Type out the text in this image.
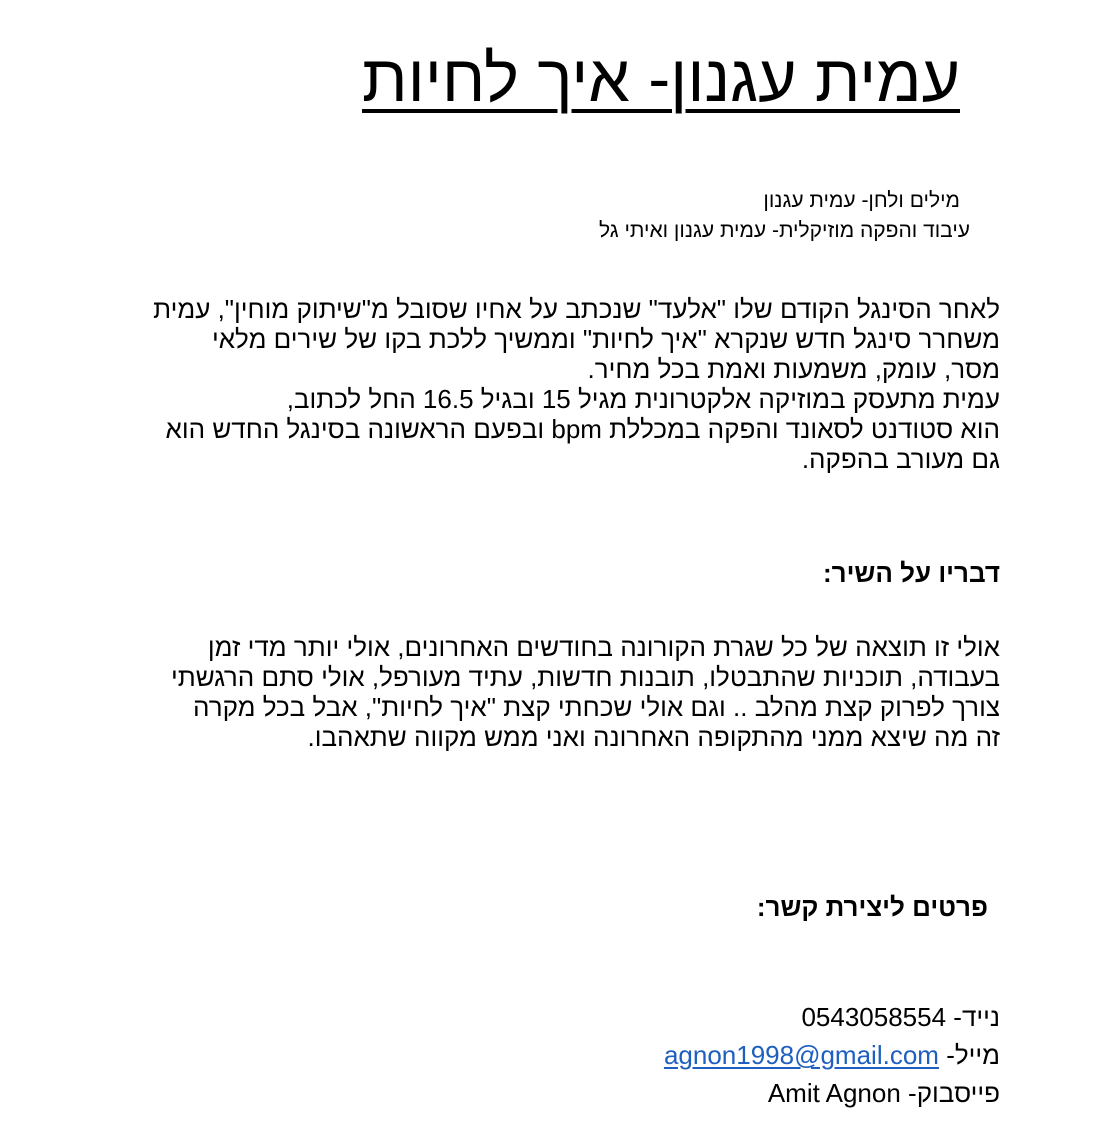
עמית עגנון- איך לחיות
מילים ולחן- עמית עגנון
עיבוד והפקה מוזיקלית- עמית עגנון ואיתי גל
לאחר הסינגל הקודם שלו "אלעד" שנכתב על אחיו שסובל מ"שיתוק מוחין", עמית
משחרר סינגל חדש שנקרא "איך לחיות" וממשיך ללכת בקו של שירים מלאי
מסר, עומק, משמעות ואמת בכל מחיר.
עמית מתעסק במוזיקה אלקטרונית מגיל 15 ובגיל 16.5 החל לכתוב,
הוא סטודנט לסאונד והפקה במכללת bpm ובפעם הראשונה בסינגל החדש הוא
גם מעורב בהפקה.
דבריו על השיר:
אולי זו תוצאה של כל שגרת הקורונה בחודשים האחרונים, אולי יותר מדי זמן
בעבודה, תוכניות שהתבטלו, תובנות חדשות, עתיד מעורפל, אולי סתם הרגשתי
צורך לפרוק קצת מהלב .. וגם אולי שכחתי קצת "איך לחיות", אבל בכל מקרה
זה מה שיצא ממני מהתקופה האחרונה ואני ממש מקווה שתאהבו.
פרטים ליצירת קשר:
נייד- 0543058554
מייל- agnon1998@gmail.com
פייסבוק- Amit Agnon
